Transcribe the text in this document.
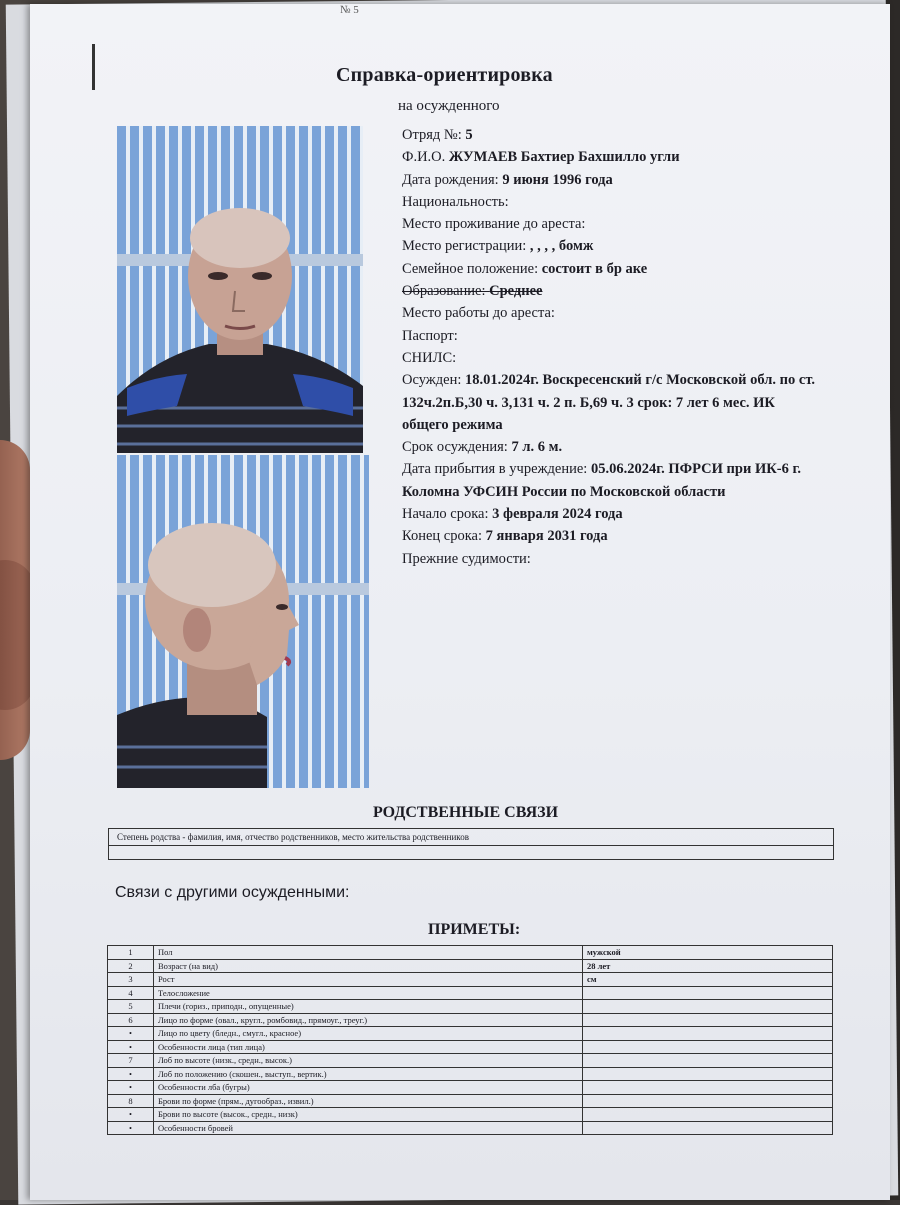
№ 5
Справка-ориентировка
на осужденного
Отряд №: 5
Ф.И.О. ЖУМАЕВ Бахтиер Бахшилло угли
Дата рождения: 9 июня 1996 года
Национальность:
Место проживание до ареста:
Место регистрации: , , , , бомж
Семейное положение: состоит в бр аке
Образование: Среднее
Место работы до ареста:
Паспорт:
СНИЛС:
Осужден: 18.01.2024г. Воскресенский г/с Московской обл. по ст. 132ч.2п.Б,30 ч. 3,131 ч. 2 п. Б,69 ч. 3 срок: 7 лет 6 мес. ИК общего режима
Срок осуждения: 7 л. 6 м.
Дата прибытия в учреждение: 05.06.2024г. ПФРСИ при ИК-6 г. Коломна УФСИН России по Московской области
Начало срока: 3 февраля 2024 года
Конец срока: 7 января 2031 года
Прежние судимости:
РОДСТВЕННЫЕ СВЯЗИ
Степень родства - фамилия, имя, отчество родственников, место жительства родственников
Связи с другими осужденными:
ПРИМЕТЫ:
1	Пол	мужской
2	Возраст (на вид)	28 лет
3	Рост	см
4	Телосложение	
5	Плечи (гориз., приподн., опущенные)	
6	Лицо по форме (овал., кругл., ромбовид., прямоуг., треуг.)	
•	Лицо по цвету (бледн., смугл., красное)	
•	Особенности лица (тип лица)	
7	Лоб по высоте (низк., средн., высок.)	
•	Лоб по положению (скошен., выступ., вертик.)	
•	Особенности лба (бугры)	
8	Брови по форме (прям., дугообраз., извил.)	
•	Брови по высоте (высок., средн., низк)	
•	Особенности бровей	
